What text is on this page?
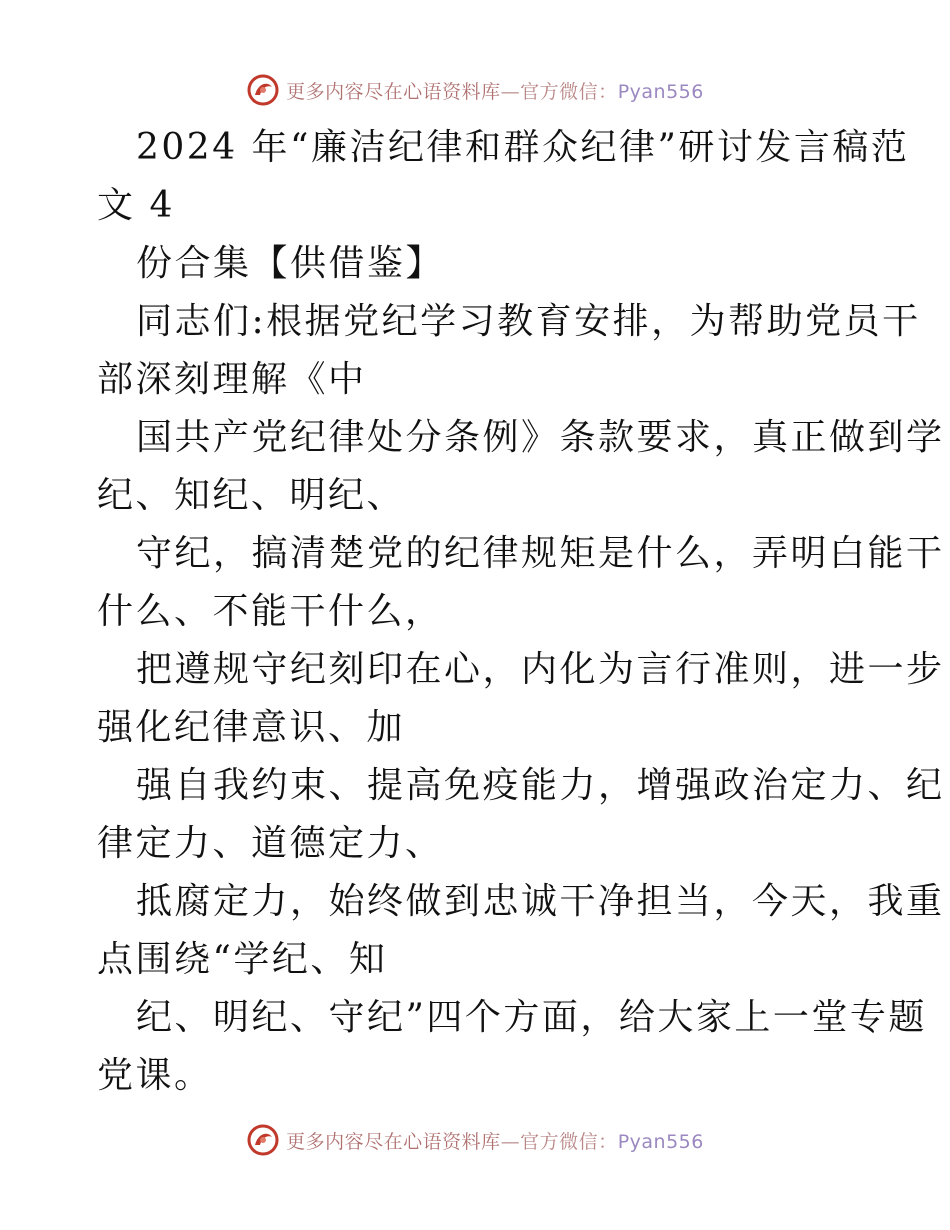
更多内容尽在心语资料库—官方微信：Pyan556
2024 年“廉洁纪律和群众纪律”研讨发言稿范
文 4
份合集【供借鉴】
同志们:根据党纪学习教育安排，为帮助党员干
部深刻理解《中
国共产党纪律处分条例》条款要求，真正做到学
纪、知纪、明纪、
守纪，搞清楚党的纪律规矩是什么，弄明白能干
什么、不能干什么，
把遵规守纪刻印在心，内化为言行准则，进一步
强化纪律意识、加
强自我约束、提高免疫能力，增强政治定力、纪
律定力、道德定力、
抵腐定力，始终做到忠诚干净担当，今天，我重
点围绕“学纪、知
纪、明纪、守纪”四个方面，给大家上一堂专题
党课。
更多内容尽在心语资料库—官方微信：Pyan556
